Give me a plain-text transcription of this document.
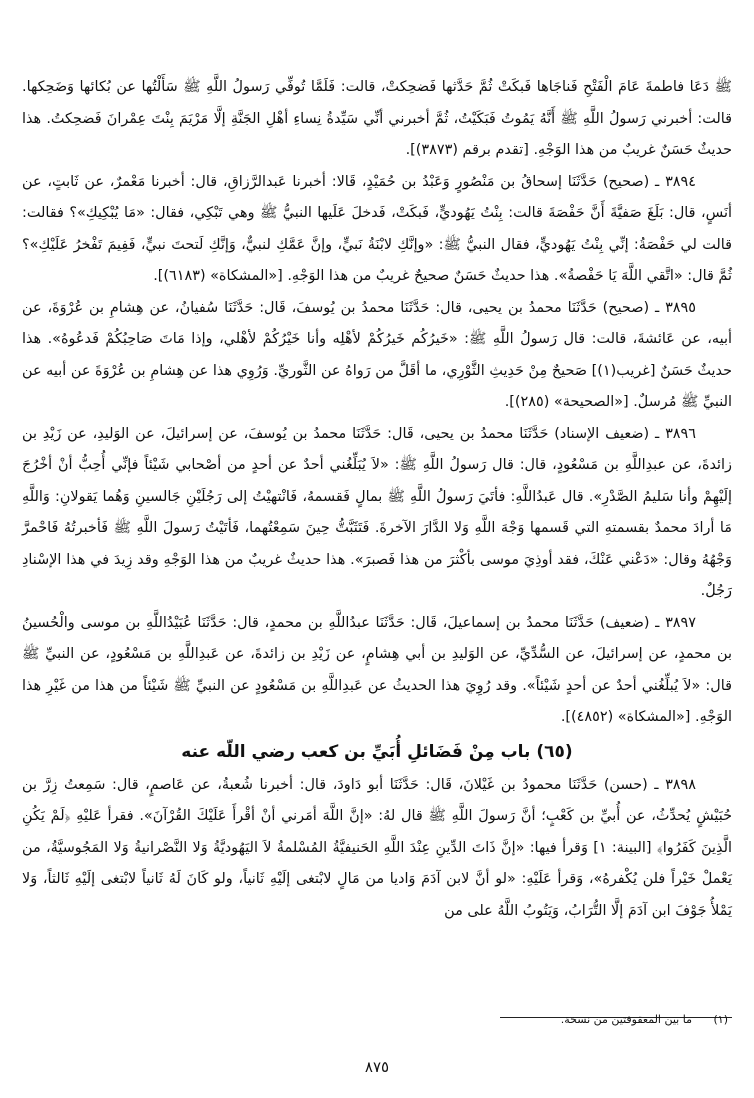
ﷺ دَعَا فاطمةَ عَامَ الْفَتْحِ فَناجَاها فَبكَتْ ثُمَّ حَدَّثها فَضحِكتْ، قالت: فَلَمَّا تُوفِّي رَسولُ اللَّهِ ﷺ سَأَلْتُها عن بُكائها وَضَحِكها. قالت: أخبرني رَسولُ اللَّهِ ﷺ أَنَّهُ يَمُوتُ فَبَكَيْتُ، ثُمَّ أخبرني أنِّي سَيِّدةُ نِساءِ أهْلِ الجَنَّةِ إلَّا مَرْيَمَ بِنْتَ عِمْرانَ فَضحِكتُ. هذا حديثٌ حَسَنٌ غريبٌ من هذا الوَجْهِ. [تقدم برقم (٣٨٧٣)].

٣٨٩٤ ـ (صحيح) حَدَّثَنَا إسحاقُ بن مَنْصُورٍ وَعَبْدُ بن حُمَيْدٍ، قَالا: أخبرنا عَبدالرَّزاقِ، قال: أخبرنا مَعْمرٌ، عن ثَابتٍ، عن أنَسٍ، قال: بَلَغَ صَفيَّةَ أَنَّ حَفْصَةَ قالت: بِنْتُ يَهُوديٍّ، فَبكَتْ، فَدخلَ عَلَيها النبيُّ ﷺ وهي تَبْكِي، فقال: «مَا يُبْكِيكِ»؟ فقالت: قالت لي حَفْصَةُ: إنِّي بِنْتُ يَهُوديٍّ، فقال النبيُّ ﷺ: «وإنَّكِ لابْنَةُ نَبيٍّ، وإنَّ عَمَّكِ لنبيٌّ، وَإنَّكِ لَتحتَ نبيٍّ، فَفِيمَ تَفْخرُ عَلَيْكِ»؟ ثُمَّ قال: «اتَّقي اللَّهَ يَا حَفْصةُ». هذا حديثٌ حَسَنٌ صحيحٌ غريبٌ من هذا الوَجْهِ. [«المشكاة» (٦١٨٣)].

٣٨٩٥ ـ (صحيح) حَدَّثَنَا محمدُ بن يحيى، قال: حَدَّثَنَا محمدُ بن يُوسفَ، قَال: حَدَّثَنَا سُفيانُ، عن هِشامِ بن عُرْوَةَ، عن أبيه، عن عَائشةَ، قالت: قال رَسولُ اللَّهِ ﷺ: «خَيرُكُم خَيرُكُمْ لأهْلِه وأنا خَيْرُكُمْ لأهْلي، وإذا مَاتَ صَاحِبُكُمْ فَدعُوهُ». هذا حديثٌ حَسَنٌ [غريب(١)] صَحيحٌ مِنْ حَدِيثِ الثَّوْرِي، ما أقَلَّ من رَواهُ عن الثَّوريِّ. وَرُوِي هذا عن هِشامِ بن عُرْوَةَ عن أبيه عن النبيِّ ﷺ مُرسلٌ. [«الصحيحة» (٢٨٥)].

٣٨٩٦ ـ (ضعيف الإسناد) حَدَّثَنَا محمدُ بن يحيى، قَال: حَدَّثَنَا محمدُ بن يُوسفَ، عن إسرائيلَ، عن الوَليدِ، عن زَيْدِ بن زائدةَ، عن عبدِاللَّهِ بن مَسْعُودٍ، قال: قال رَسولُ اللَّهِ ﷺ: «لاَ يُبَلِّغُني أحدٌ عن أحدٍ من أصْحابي شَيْئاً فإنِّي أُحِبُّ أنْ أخْرُجَ إلَيْهِمْ وأنا سَليمُ الصَّدْرِ». قال عَبدُاللَّهِ: فأتَيَ رَسولُ اللَّهِ ﷺ بمالٍ فَقسمهُ، فَانْتهيْتُ إلى رَجُلَيْنِ جَالسينِ وَهُما يَقولانِ: وَاللَّهِ مَا أرادَ محمدٌ بقسمتهِ التي قَسمها وَجْهَ اللَّهِ وَلا الدَّارَ الآخرةَ. فَتَثَبَّتُّ حِينَ سَمِعْتُهما، فَأتَيْتُ رَسولَ اللَّهِ ﷺ فَأخبرتُهُ فَاحْمرَّ وَجْهُهُ وقال: «دَعْني عَنْكَ، فقد أوذِيَ موسى بأكْثرَ من هذا فَصبرَ». هذا حديثٌ غريبٌ من هذا الوَجْهِ وقد زِيدَ في هذا الإسْنادِ رَجُلٌ.

٣٨٩٧ ـ (ضعيف) حَدَّثَنَا محمدُ بن إسماعيلَ، قَال: حَدَّثَنَا عبدُاللَّهِ بن محمدٍ، قال: حَدَّثَنَا عُبَيْدُاللَّهِ بن موسى والْحُسينُ بن محمدٍ، عن إسرائيلَ، عن السُّدِّيِّ، عن الوَليدِ بن أبي هِشامٍ، عن زَيْدِ بن زائدةَ، عن عَبدِاللَّهِ بن مَسْعُودٍ، عن النبيِّ ﷺ قال: «لاَ يُبلِّغُني أحدٌ عن أحدٍ شَيْئاً». وقد رُوِيَ هذا الحديثُ عن عَبدِاللَّهِ بن مَسْعُودٍ عن النبيِّ ﷺ شَيْئاً من هذا من غَيْرِ هذا الوَجْهِ. [«المشكاة» (٤٨٥٢)].

(٦٥) باب مِنْ فَضَائلِ أُبَيِّ بن كعب رضي اللّه عنه

٣٨٩٨ ـ (حسن) حَدَّثَنَا محمودُ بن غَيْلانَ، قَال: حَدَّثَنَا أبو دَاودَ، قال: أخبرنا شُعبةُ، عن عَاصمٍ، قال: سَمِعتُ زِرَّ بن حُبَيْشٍ يُحدِّثُ، عن أُبيِّ بن كَعْبٍ؛ أنَّ رَسولَ اللَّهِ ﷺ قال لهُ: «إنَّ اللَّهَ أمَرني أنْ أقْرأَ عَلَيْكَ القُرْآنَ». فقرأ عَليْهِ ﴿لَمْ يَكُنِ الَّذِينَ كَفَرُوا﴾ [البينة: ١] وَقرأ فيها: «إنَّ ذَاتَ الدِّينِ عِنْدَ اللَّهِ الحَنيفيَّةُ المُسْلمةُ لاَ اليَهُوديَّةُ وَلا النَّصْرانيةُ وَلا المَجُوسيَّةُ، من يَعْملْ خَيْراً فلن يُكْفرهُ»، وَقرأ عَلَيْهِ: «لو أنَّ لابن آدَمَ وَاديا من مَالٍ لابْتغى إلَيْهِ ثَانياً، ولو كَانَ لَهُ ثَانياً لابْتغى إلَيْهِ ثَالثاً، وَلا يَمْلأُ جَوْفَ ابن آدَمَ إلَّا التُّرَابُ، وَيَتُوبُ اللَّهُ على من

(١) ما بين المعقوفتين من نسخة.
٨٧٥
